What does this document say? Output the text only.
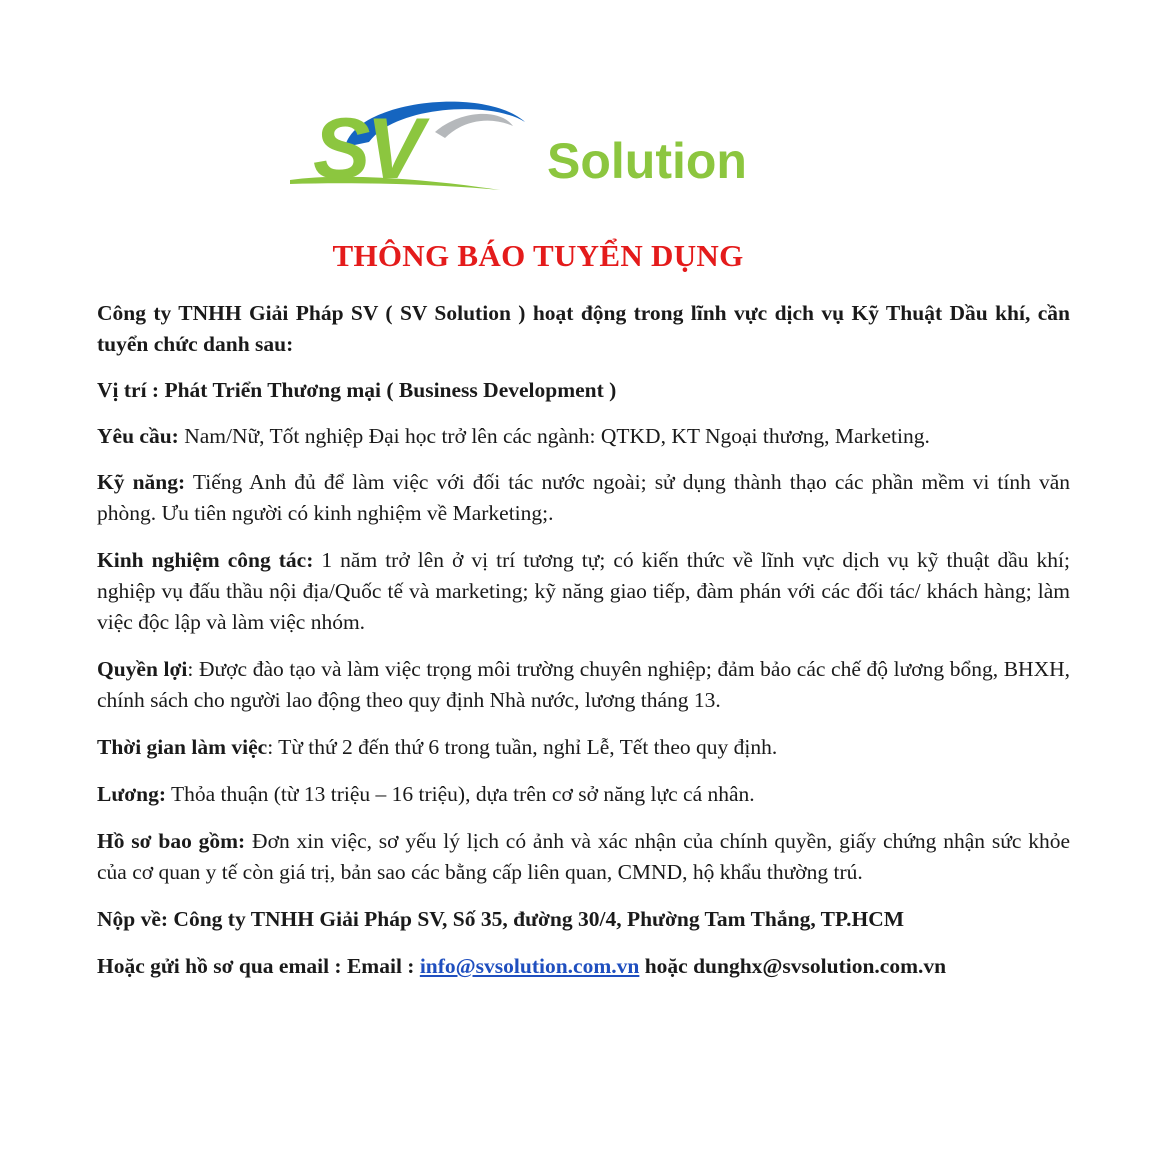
SV	Solution
THÔNG BÁO TUYỂN DỤNG

Công ty TNHH Giải Pháp SV ( SV Solution ) hoạt động trong lĩnh vực dịch vụ Kỹ Thuật Dầu khí, cần tuyển chức danh sau:

Vị trí : Phát Triển Thương mại ( Business Development )

Yêu cầu: Nam/Nữ, Tốt nghiệp Đại học trở lên các ngành: QTKD, KT Ngoại thương, Marketing.

Kỹ năng: Tiếng Anh đủ để làm việc với đối tác nước ngoài; sử dụng thành thạo các phần mềm vi tính văn phòng. Ưu tiên người có kinh nghiệm về Marketing;.

Kinh nghiệm công tác: 1 năm trở lên ở vị trí tương tự; có kiến thức về lĩnh vực dịch vụ kỹ thuật dầu khí; nghiệp vụ đấu thầu nội địa/Quốc tế và marketing; kỹ năng giao tiếp, đàm phán với các đối tác/ khách hàng; làm việc độc lập và làm việc nhóm.

Quyền lợi: Được đào tạo và làm việc trọng môi trường chuyên nghiệp; đảm bảo các chế độ lương bổng, BHXH, chính sách cho người lao động theo quy định Nhà nước, lương tháng 13.

Thời gian làm việc: Từ thứ 2 đến thứ 6 trong tuần, nghỉ Lễ, Tết theo quy định.

Lương: Thỏa thuận (từ 13 triệu – 16 triệu), dựa trên cơ sở năng lực cá nhân.

Hồ sơ bao gồm: Đơn xin việc, sơ yếu lý lịch có ảnh và xác nhận của chính quyền, giấy chứng nhận sức khỏe của cơ quan y tế còn giá trị, bản sao các bằng cấp liên quan, CMND, hộ khẩu thường trú.

Nộp về: Công ty TNHH Giải Pháp SV, Số 35, đường 30/4, Phường Tam Thắng, TP.HCM

Hoặc gửi hồ sơ qua email : Email : info@svsolution.com.vn hoặc dunghx@svsolution.com.vn
